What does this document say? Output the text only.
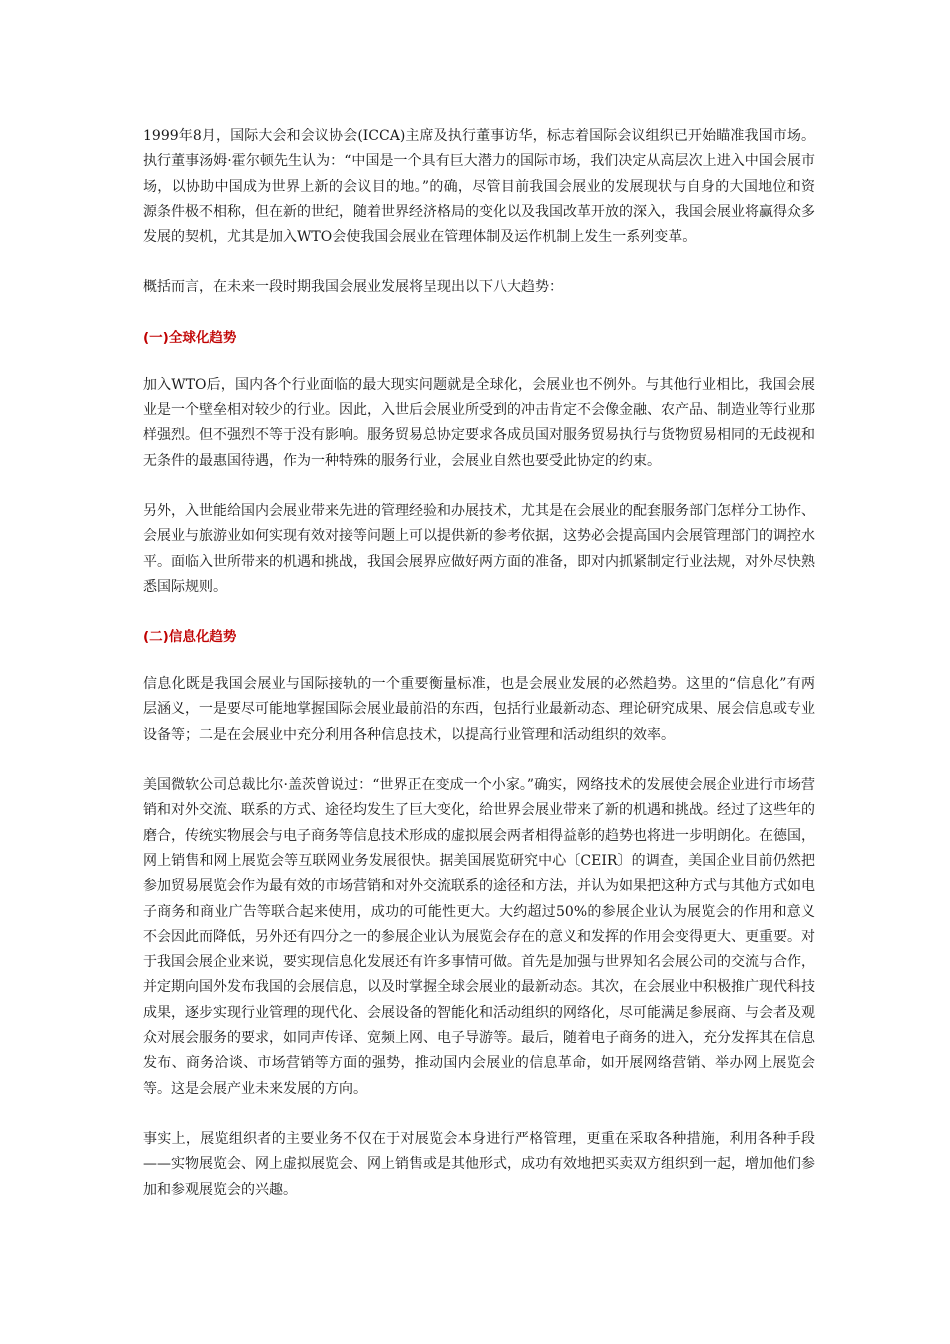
1999年8月，国际大会和会议协会(ICCA)主席及执行董事访华，标志着国际会议组织已开始瞄准我国市场。执行董事汤姆·霍尔顿先生认为：“中国是一个具有巨大潜力的国际市场，我们决定从高层次上进入中国会展市场，以协助中国成为世界上新的会议目的地。”的确，尽管目前我国会展业的发展现状与自身的大国地位和资源条件极不相称，但在新的世纪，随着世界经济格局的变化以及我国改革开放的深入，我国会展业将赢得众多发展的契机，尤其是加入WTO会使我国会展业在管理体制及运作机制上发生一系列变革。

概括而言，在未来一段时期我国会展业发展将呈现出以下八大趋势：

(一)全球化趋势

加入WTO后，国内各个行业面临的最大现实问题就是全球化，会展业也不例外。与其他行业相比，我国会展业是一个壁垒相对较少的行业。因此，入世后会展业所受到的冲击肯定不会像金融、农产品、制造业等行业那样强烈。但不强烈不等于没有影响。服务贸易总协定要求各成员国对服务贸易执行与货物贸易相同的无歧视和无条件的最惠国待遇，作为一种特殊的服务行业，会展业自然也要受此协定的约束。

另外，入世能给国内会展业带来先进的管理经验和办展技术，尤其是在会展业的配套服务部门怎样分工协作、会展业与旅游业如何实现有效对接等问题上可以提供新的参考依据，这势必会提高国内会展管理部门的调控水平。面临入世所带来的机遇和挑战，我国会展界应做好两方面的准备，即对内抓紧制定行业法规，对外尽快熟悉国际规则。

(二)信息化趋势

信息化既是我国会展业与国际接轨的一个重要衡量标准，也是会展业发展的必然趋势。这里的“信息化”有两层涵义，一是要尽可能地掌握国际会展业最前沿的东西，包括行业最新动态、理论研究成果、展会信息或专业设备等；二是在会展业中充分利用各种信息技术，以提高行业管理和活动组织的效率。

美国微软公司总裁比尔·盖茨曾说过：“世界正在变成一个小家。”确实，网络技术的发展使会展企业进行市场营销和对外交流、联系的方式、途径均发生了巨大变化，给世界会展业带来了新的机遇和挑战。经过了这些年的磨合，传统实物展会与电子商务等信息技术形成的虚拟展会两者相得益彰的趋势也将进一步明朗化。在德国，网上销售和网上展览会等互联网业务发展很快。据美国展览研究中心〔CEIR〕的调查，美国企业目前仍然把参加贸易展览会作为最有效的市场营销和对外交流联系的途径和方法，并认为如果把这种方式与其他方式如电子商务和商业广告等联合起来使用，成功的可能性更大。大约超过50%的参展企业认为展览会的作用和意义不会因此而降低，另外还有四分之一的参展企业认为展览会存在的意义和发挥的作用会变得更大、更重要。对于我国会展企业来说，要实现信息化发展还有许多事情可做。首先是加强与世界知名会展公司的交流与合作，并定期向国外发布我国的会展信息，以及时掌握全球会展业的最新动态。其次，在会展业中积极推广现代科技成果，逐步实现行业管理的现代化、会展设备的智能化和活动组织的网络化，尽可能满足参展商、与会者及观众对展会服务的要求，如同声传译、宽频上网、电子导游等。最后，随着电子商务的进入，充分发挥其在信息发布、商务洽谈、市场营销等方面的强势，推动国内会展业的信息革命，如开展网络营销、举办网上展览会等。这是会展产业未来发展的方向。

事实上，展览组织者的主要业务不仅在于对展览会本身进行严格管理，更重在采取各种措施，利用各种手段——实物展览会、网上虚拟展览会、网上销售或是其他形式，成功有效地把买卖双方组织到一起，增加他们参加和参观展览会的兴趣。
